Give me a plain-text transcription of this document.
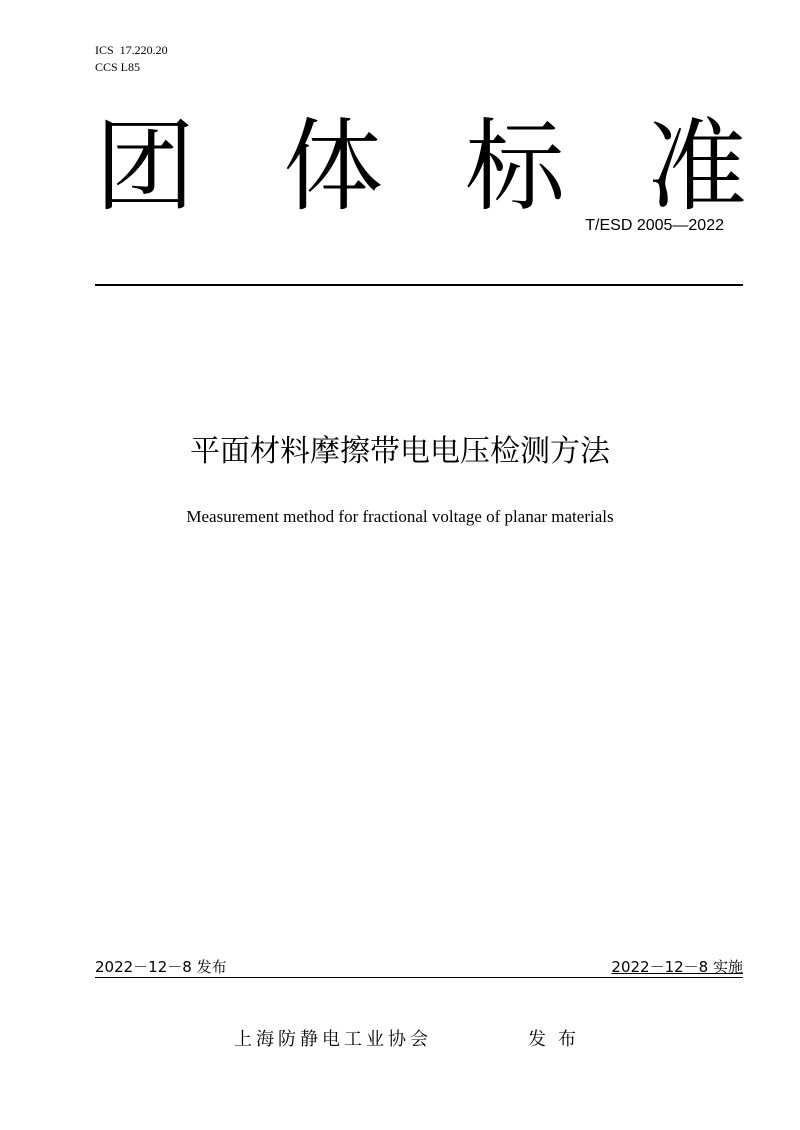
ICS  17.220.20
CCS L85
团 体 标 准
T/ESD 2005—2022
平面材料摩擦带电电压检测方法
Measurement method for fractional voltage of planar materials
2022－12－8 发布	2022－12－8 实施
上海防静电工业协会	发布
